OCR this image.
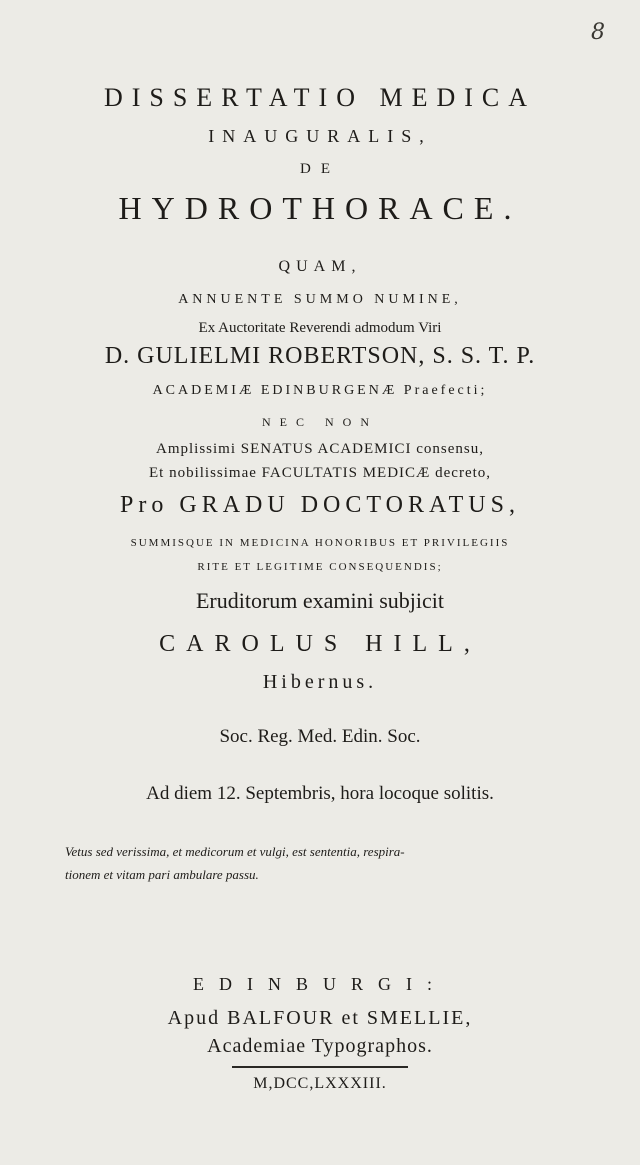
8
DISSERTATIO MEDICA
INAUGURALIS,
DE
HYDROTHORACE.
QUAM,
ANNUENTE SUMMO NUMINE,
Ex Auctoritate Reverendi admodum Viri
D. GULIELMI ROBERTSON, S. S. T. P.
ACADEMIÆ EDINBURGENÆ Praefecti;
NEC NON
Amplissimi SENATUS ACADEMICI consensu,
Et nobilissimae FACULTATIS MEDICÆ decreto,
Pro GRADU DOCTORATUS,
SUMMISQUE IN MEDICINA HONORIBUS ET PRIVILEGIIS
RITE ET LEGITIME CONSEQUENDIS;
Eruditorum examini subjicit
CAROLUS HILL,
Hibernus.
Soc. Reg. Med. Edin. Soc.
Ad diem 12. Septembris, hora locoque solitis.
Vetus sed verissima, et medicorum et vulgi, est sententia, respira-
tionem et vitam pari ambulare passu.
EDINBURGI:
Apud BALFOUR et SMELLIE,
Academiae Typographos.
M,DCC,LXXXIII.
